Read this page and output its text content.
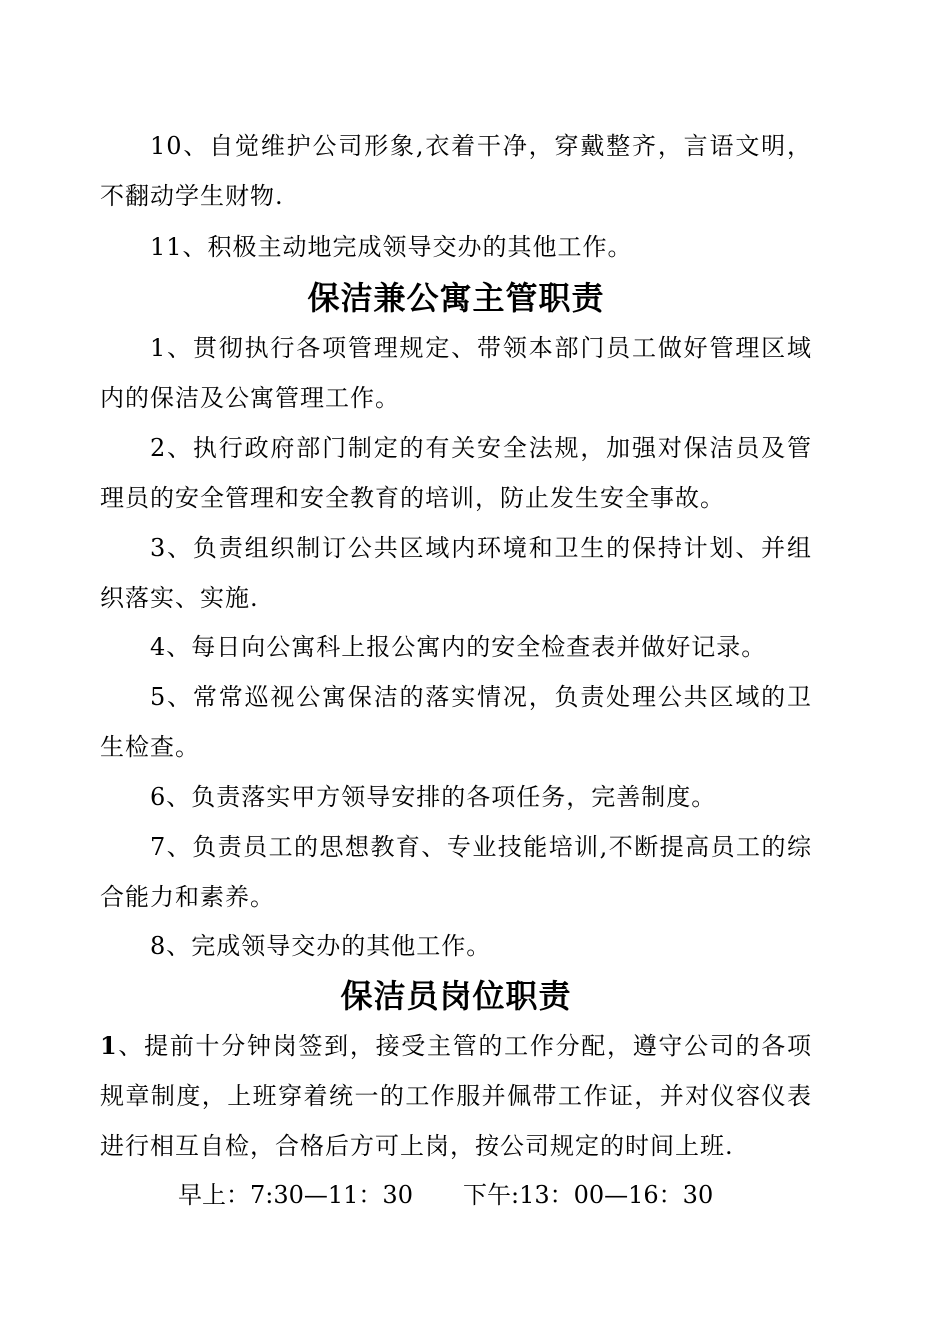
10、自觉维护公司形象,衣着干净，穿戴整齐，言语文明，不翻动学生财物.

11、积极主动地完成领导交办的其他工作。

保洁兼公寓主管职责

1、贯彻执行各项管理规定、带领本部门员工做好管理区域内的保洁及公寓管理工作。

2、执行政府部门制定的有关安全法规，加强对保洁员及管理员的安全管理和安全教育的培训，防止发生安全事故。

3、负责组织制订公共区域内环境和卫生的保持计划、并组织落实、实施.

4、每日向公寓科上报公寓内的安全检查表并做好记录。

5、常常巡视公寓保洁的落实情况，负责处理公共区域的卫生检查。

6、负责落实甲方领导安排的各项任务，完善制度。

7、负责员工的思想教育、专业技能培训,不断提高员工的综合能力和素养。

8、完成领导交办的其他工作。

保洁员岗位职责

1、提前十分钟岗签到，接受主管的工作分配，遵守公司的各项规章制度，上班穿着统一的工作服并佩带工作证，并对仪容仪表进行相互自检，合格后方可上岗，按公司规定的时间上班.

早上：7:30—11：30 下午:13：00—16：30
